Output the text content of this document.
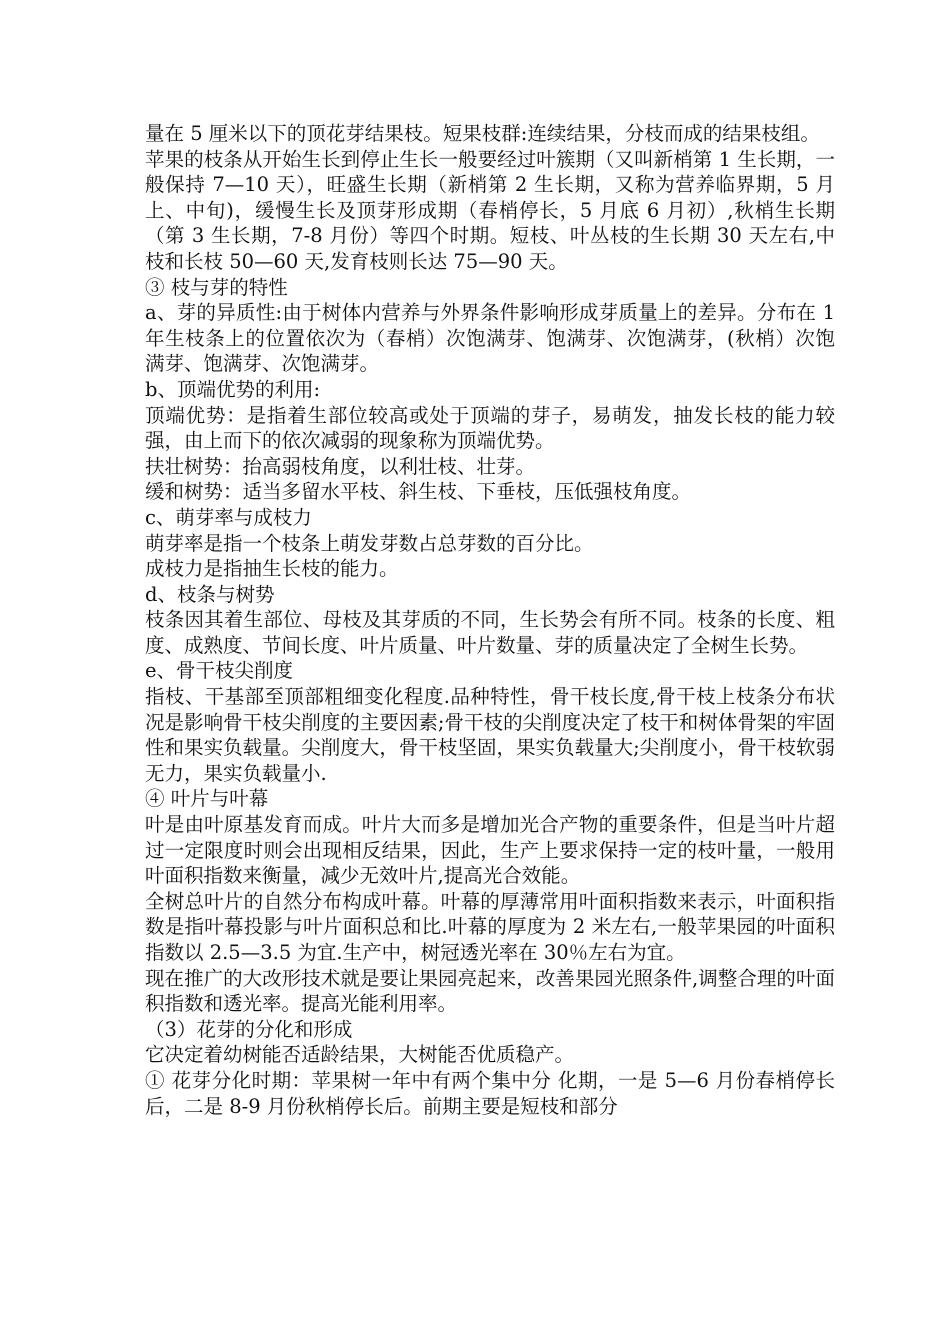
量在 5 厘米以下的顶花芽结果枝。短果枝群:连续结果，分枝而成的结果枝组。

苹果的枝条从开始生长到停止生长一般要经过叶簇期（又叫新梢第 1 生长期，一般保持 7—10 天），旺盛生长期（新梢第 2 生长期，又称为营养临界期，5 月上、中旬)，缓慢生长及顶芽形成期（春梢停长，5 月底 6 月初）,秋梢生长期（第 3 生长期，7-8 月份）等四个时期。短枝、叶丛枝的生长期 30 天左右,中枝和长枝 50—60 天,发育枝则长达 75—90 天。

③ 枝与芽的特性

a、芽的异质性:由于树体内营养与外界条件影响形成芽质量上的差异。分布在 1 年生枝条上的位置依次为（春梢）次饱满芽、饱满芽、次饱满芽，(秋梢）次饱满芽、饱满芽、次饱满芽。

b、顶端优势的利用:

顶端优势：是指着生部位较高或处于顶端的芽子，易萌发，抽发长枝的能力较强，由上而下的依次减弱的现象称为顶端优势。

扶壮树势：抬高弱枝角度，以利壮枝、壮芽。

缓和树势：适当多留水平枝、斜生枝、下垂枝，压低强枝角度。

c、萌芽率与成枝力

萌芽率是指一个枝条上萌发芽数占总芽数的百分比。

成枝力是指抽生长枝的能力。

d、枝条与树势

枝条因其着生部位、母枝及其芽质的不同，生长势会有所不同。枝条的长度、粗度、成熟度、节间长度、叶片质量、叶片数量、芽的质量决定了全树生长势。

e、骨干枝尖削度

指枝、干基部至顶部粗细变化程度.品种特性，骨干枝长度,骨干枝上枝条分布状况是影响骨干枝尖削度的主要因素;骨干枝的尖削度决定了枝干和树体骨架的牢固性和果实负载量。尖削度大，骨干枝坚固，果实负载量大;尖削度小，骨干枝软弱无力，果实负载量小.

④ 叶片与叶幕

叶是由叶原基发育而成。叶片大而多是增加光合产物的重要条件，但是当叶片超过一定限度时则会出现相反结果，因此，生产上要求保持一定的枝叶量，一般用叶面积指数来衡量，减少无效叶片,提高光合效能。

全树总叶片的自然分布构成叶幕。叶幕的厚薄常用叶面积指数来表示，叶面积指数是指叶幕投影与叶片面积总和比.叶幕的厚度为 2 米左右,一般苹果园的叶面积指数以 2.5—3.5 为宜.生产中，树冠透光率在 30％左右为宜。

现在推广的大改形技术就是要让果园亮起来，改善果园光照条件,调整合理的叶面积指数和透光率。提高光能利用率。

（3）花芽的分化和形成

它决定着幼树能否适龄结果，大树能否优质稳产。

① 花芽分化时期：苹果树一年中有两个集中分 化期，一是 5—6 月份春梢停长后，二是 8-9 月份秋梢停长后。前期主要是短枝和部分
